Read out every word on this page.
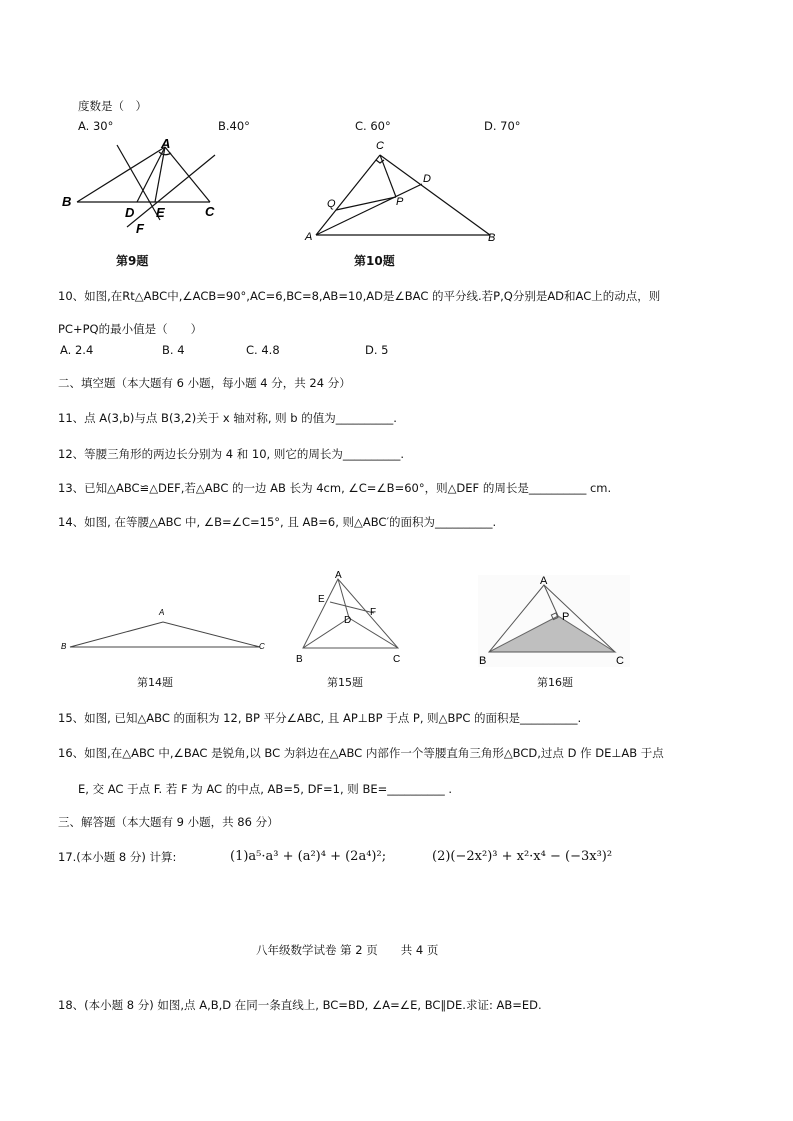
度数是（　）
A. 30°	B.40°	C. 60°	D. 70°
A
B
C
D E
F
第9题
C
D
Q	P
A	B
第10题
10、如图,在Rt△ABC中,∠ACB=90°,AC=6,BC=8,AB=10,AD是∠BAC 的平分线.若P,Q分别是AD和AC上的动点，则
PC+PQ的最小值是（　　）
A. 2.4	B. 4	C. 4.8	D. 5
二、填空题（本大题有 6 小题，每小题 4 分，共 24 分）
11、点 A(3,b)与点 B(3,2)关于 x 轴对称, 则 b 的值为__________.
12、等腰三角形的两边长分别为 4 和 10, 则它的周长为__________.
13、已知△ABC≌△DEF,若△ABC 的一边 AB 长为 4cm, ∠C=∠B=60°，则△DEF 的周长是__________ cm.
14、如图, 在等腰△ABC 中, ∠B=∠C=15°, 且 AB=6, 则△ABC′的面积为__________.
A
B	C
第14题
A
E
F
D
B	C
第15题
A
P
B	C
第16题
15、如图, 已知△ABC 的面积为 12, BP 平分∠ABC, 且 AP⊥BP 于点 P, 则△BPC 的面积是__________.
16、如图,在△ABC 中,∠BAC 是锐角,以 BC 为斜边在△ABC 内部作一个等腰直角三角形△BCD,过点 D 作 DE⊥AB 于点
E, 交 AC 于点 F. 若 F 为 AC 的中点, AB=5, DF=1, 则 BE=__________ .
三、解答题（本大题有 9 小题，共 86 分）
17.(本小题 8 分) 计算:	(1)a⁵·a³ + (a²)⁴ + (2a⁴)²;	(2)(−2x²)³ + x²·x⁴ − (−3x³)²
八年级数学试卷 第 2 页　　共 4 页
18、(本小题 8 分) 如图,点 A,B,D 在同一条直线上, BC=BD, ∠A=∠E, BC∥DE.求证: AB=ED.
